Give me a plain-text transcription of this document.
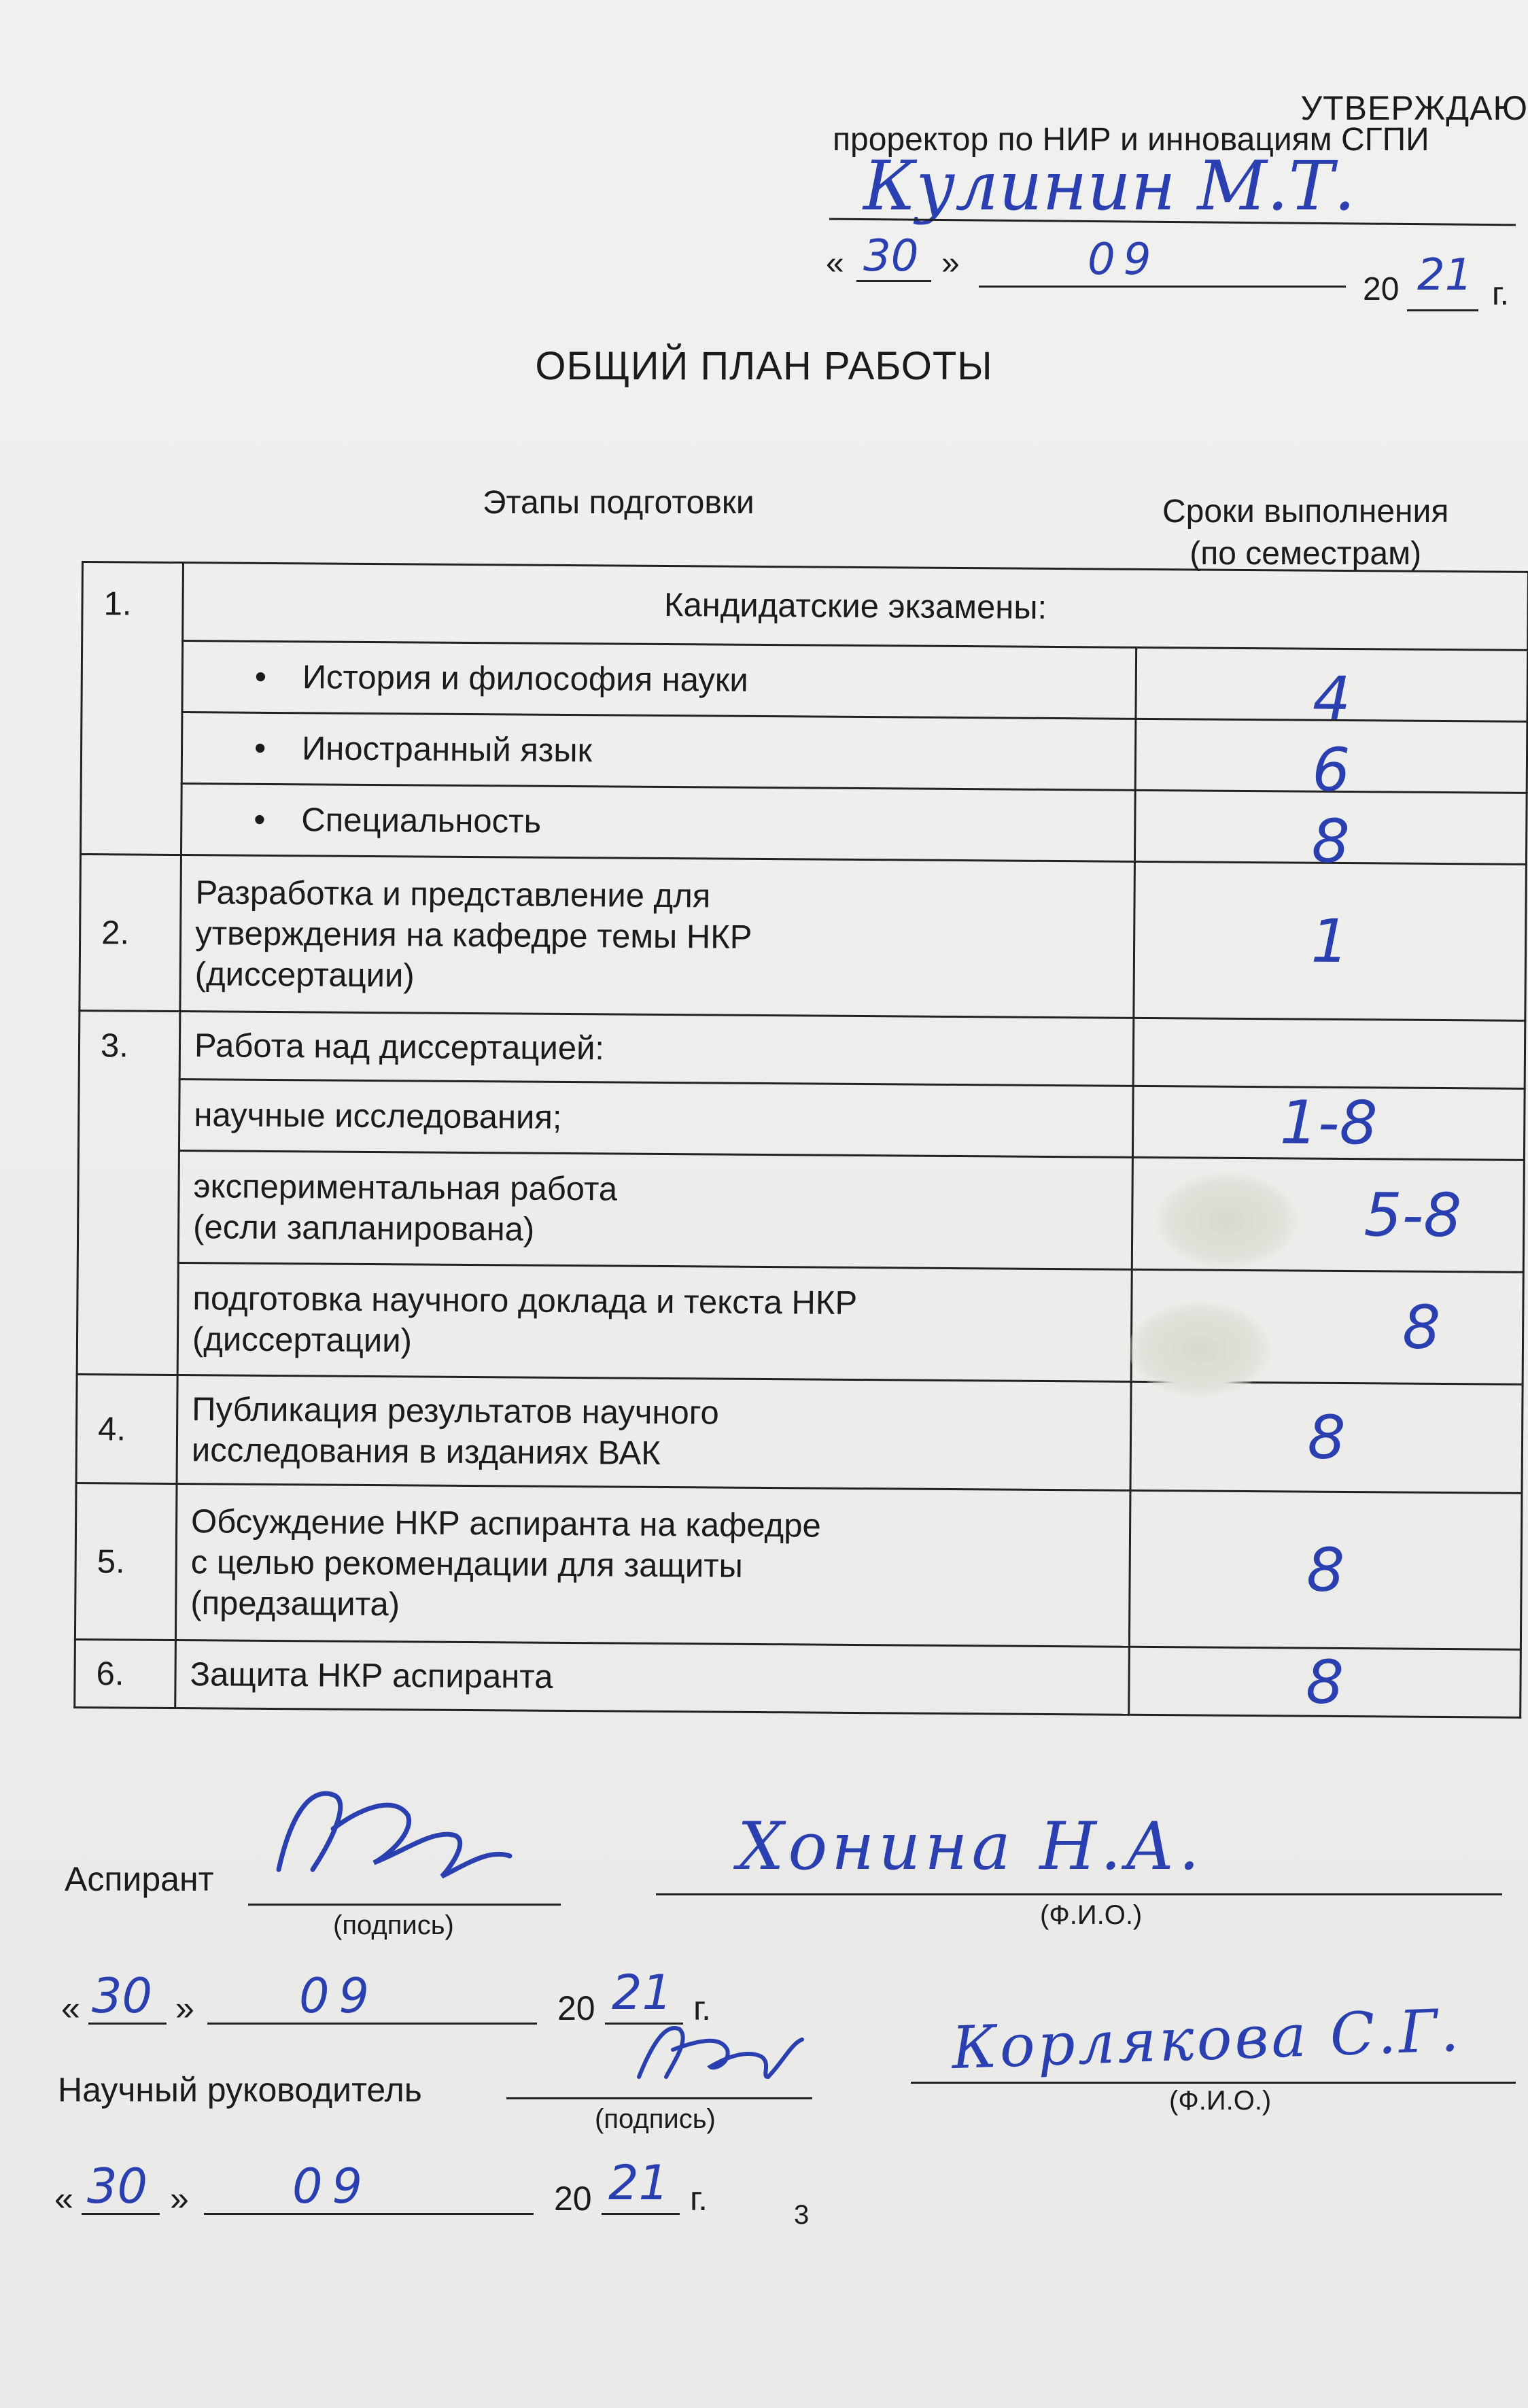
УТВЕРЖДАЮ
проректор по НИР и инновациям СГПИ
Кулинин М.Т.
« 30 »	09
20 21 г.
ОБЩИЙ ПЛАН РАБОТЫ
Этапы подготовки	Сроки выполнения
(по семестрам)
1.	Кандидатские экзамены:	
	• История и философия науки	4
	• Иностранный язык	6
	• Специальность	8
2.	Разработка и представление для
утверждения на кафедре темы НКР
(диссертации)	1
3.	Работа над диссертацией:	
	научные исследования;	1-8

	экспериментальная работа
(если запланирована)	5-8

	подготовка научного доклада и текста НКР
(диссертации)	8
4.	Публикация результатов научного
исследования в изданиях ВАК	8
5.	Обсуждение НКР аспиранта на кафедре
с целью рекомендации для защиты
(предзащита)	8
6.	Защита НКР аспиранта	8
Аспирант
(подпись)
Хонина Н.А.
(Ф.И.О.)
« 30 » 09	20 21 г.
Научный руководитель
(подпись)
Корлякова С.Г.
(Ф.И.О.)
« 30 » 09	20 21 г.	3
